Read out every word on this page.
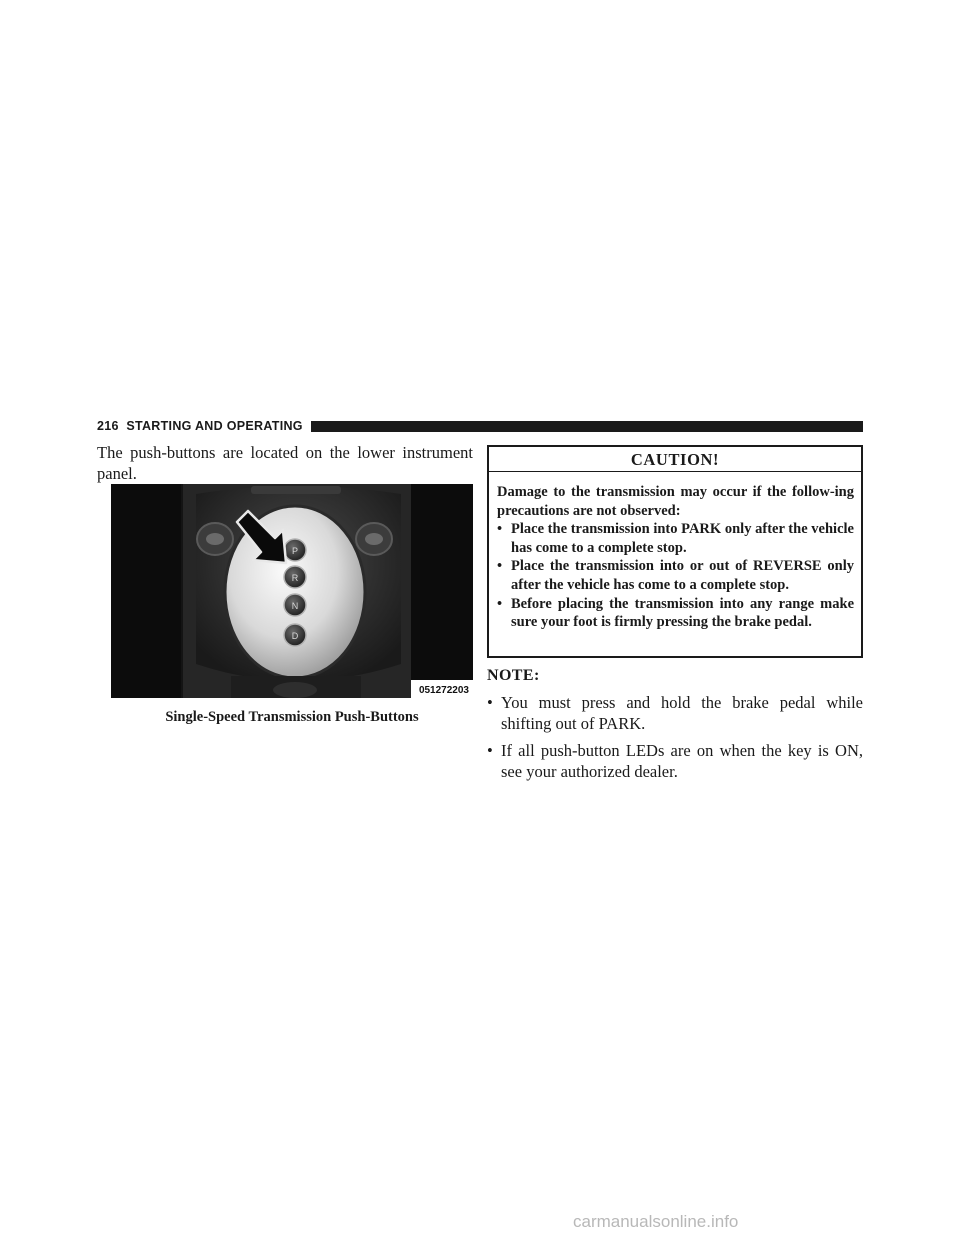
216 STARTING AND OPERATING

The push-buttons are located on the lower instrument panel.

P
R
N
D
051272203
Single-Speed Transmission Push-Buttons
CAUTION!

Damage to the transmission may occur if the follow-ing precautions are not observed:

• Place the transmission into PARK only after the vehicle has come to a complete stop.
• Place the transmission into or out of REVERSE only after the vehicle has come to a complete stop.
• Before placing the transmission into any range make sure your foot is firmly pressing the brake pedal.
NOTE:
• You must press and hold the brake pedal while shifting out of PARK.
• If all push-button LEDs are on when the key is ON, see your authorized dealer.
carmanualsonline.info
